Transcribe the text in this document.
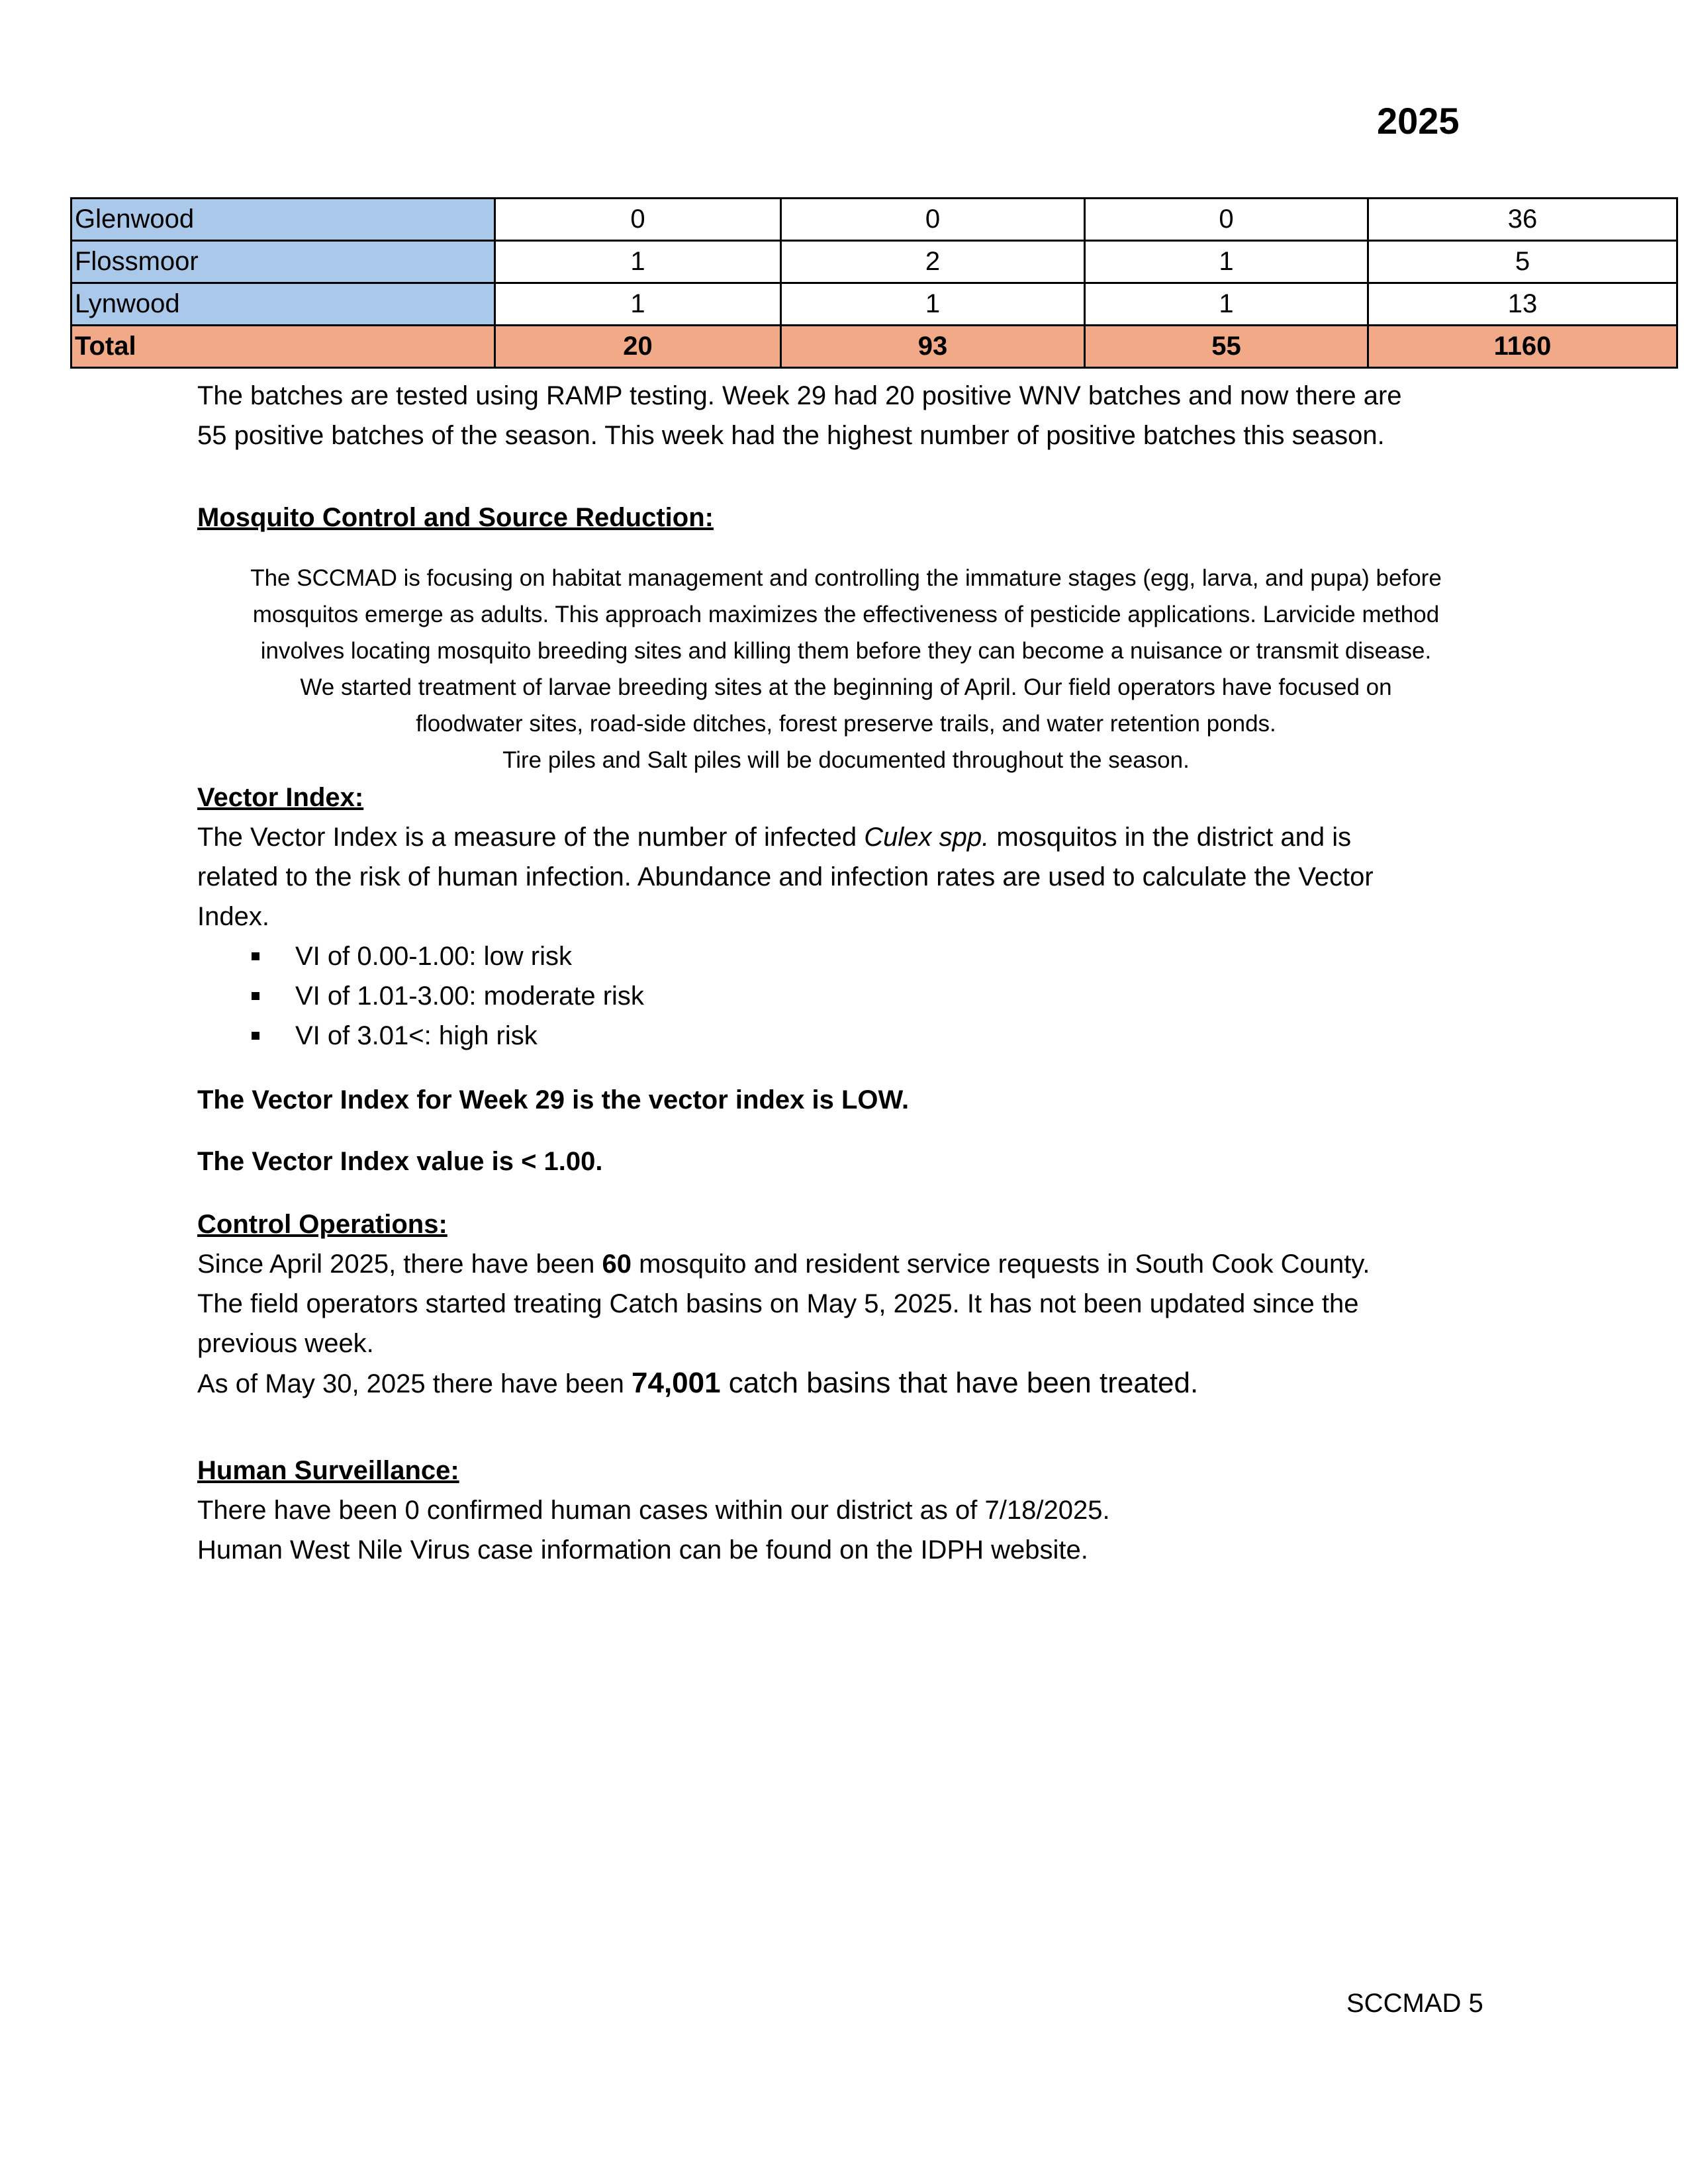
2025
Glenwood	0	0	0	36
Flossmoor	1	2	1	5
Lynwood	1	1	1	13
Total	20	93	55	1160

The batches are tested using RAMP testing. Week 29 had 20 positive WNV batches and now there are

55 positive batches of the season. This week had the highest number of positive batches this season.

Mosquito Control and Source Reduction:

The SCCMAD is focusing on habitat management and controlling the immature stages (egg, larva, and pupa) before

mosquitos emerge as adults. This approach maximizes the effectiveness of pesticide applications. Larvicide method

involves locating mosquito breeding sites and killing them before they can become a nuisance or transmit disease.

We started treatment of larvae breeding sites at the beginning of April. Our field operators have focused on

floodwater sites, road-side ditches, forest preserve trails, and water retention ponds.

Tire piles and Salt piles will be documented throughout the season.

Vector Index:

The Vector Index is a measure of the number of infected Culex spp. mosquitos in the district and is

related to the risk of human infection. Abundance and infection rates are used to calculate the Vector

Index.

VI of 0.00-1.00: low risk
VI of 1.01-3.00: moderate risk
VI of 3.01<: high risk

The Vector Index for Week 29 is the vector index is LOW.

The Vector Index value is < 1.00.

Control Operations:

Since April 2025, there have been 60 mosquito and resident service requests in South Cook County.

The field operators started treating Catch basins on May 5, 2025. It has not been updated since the

previous week.

As of May 30, 2025 there have been 74,001 catch basins that have been treated.

Human Surveillance:

There have been 0 confirmed human cases within our district as of 7/18/2025.

Human West Nile Virus case information can be found on the IDPH website.

SCCMAD 5
